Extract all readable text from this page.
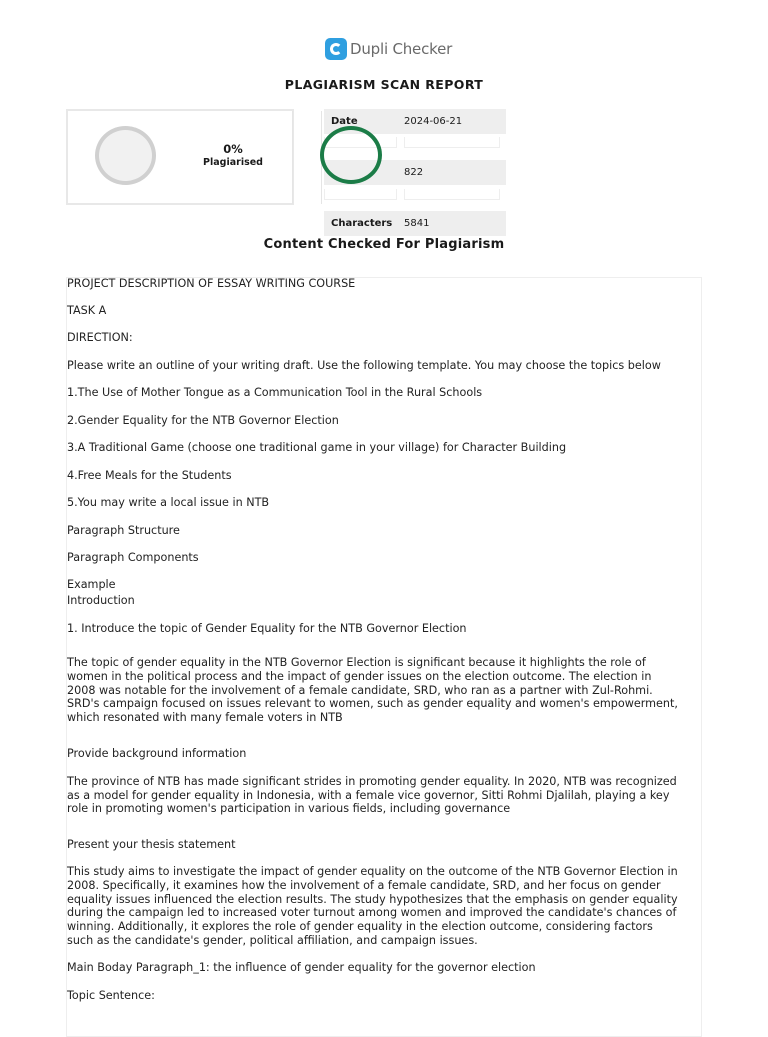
Dupli Checker
PLAGIARISM SCAN REPORT
0%
Plagiarised
Date	2024-06-21
822
Characters 5841
Content Checked For Plagiarism
PROJECT DESCRIPTION OF ESSAY WRITING COURSE
TASK A
DIRECTION:
Please write an outline of your writing draft. Use the following template. You may choose the topics below
1.The Use of Mother Tongue as a Communication Tool in the Rural Schools
2.Gender Equality for the NTB Governor Election
3.A Traditional Game (choose one traditional game in your village) for Character Building
4.Free Meals for the Students
5.You may write a local issue in NTB
Paragraph Structure
Paragraph Components
Example
Introduction
1. Introduce the topic of Gender Equality for the NTB Governor Election
The topic of gender equality in the NTB Governor Election is significant because it highlights the role of
women in the political process and the impact of gender issues on the election outcome. The election in
2008 was notable for the involvement of a female candidate, SRD, who ran as a partner with Zul-Rohmi.
SRD's campaign focused on issues relevant to women, such as gender equality and women's empowerment,
which resonated with many female voters in NTB
Provide background information
The province of NTB has made significant strides in promoting gender equality. In 2020, NTB was recognized
as a model for gender equality in Indonesia, with a female vice governor, Sitti Rohmi Djalilah, playing a key
role in promoting women's participation in various fields, including governance
Present your thesis statement
This study aims to investigate the impact of gender equality on the outcome of the NTB Governor Election in
2008. Specifically, it examines how the involvement of a female candidate, SRD, and her focus on gender
equality issues influenced the election results. The study hypothesizes that the emphasis on gender equality
during the campaign led to increased voter turnout among women and improved the candidate's chances of
winning. Additionally, it explores the role of gender equality in the election outcome, considering factors
such as the candidate's gender, political affiliation, and campaign issues.
Main Boday Paragraph_1: the influence of gender equality for the governor election
Topic Sentence:
